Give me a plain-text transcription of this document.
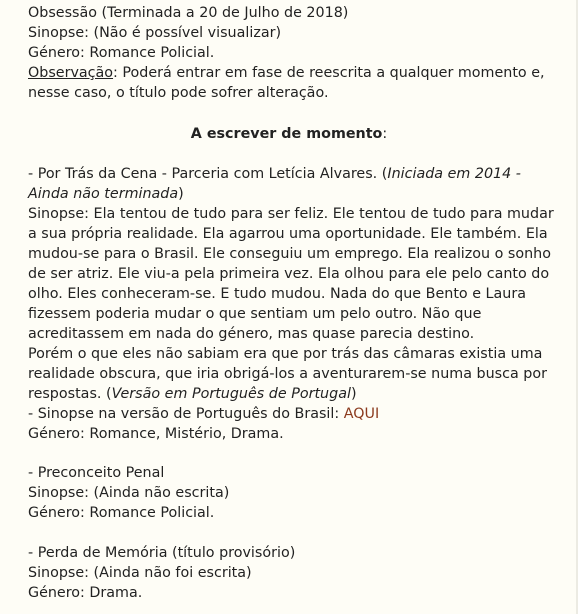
Obsessão (Terminada a 20 de Julho de 2018)
Sinopse: (Não é possível visualizar)
Género: Romance Policial.
Observação: Poderá entrar em fase de reescrita a qualquer momento e,
nesse caso, o título pode sofrer alteração.
A escrever de momento:
- Por Trás da Cena - Parceria com Letícia Alvares. (Iniciada em 2014 -
Ainda não terminada)
Sinopse: Ela tentou de tudo para ser feliz. Ele tentou de tudo para mudar
a sua própria realidade. Ela agarrou uma oportunidade. Ele também. Ela
mudou-se para o Brasil. Ele conseguiu um emprego. Ela realizou o sonho
de ser atriz. Ele viu-a pela primeira vez. Ela olhou para ele pelo canto do
olho. Eles conheceram-se. E tudo mudou. Nada do que Bento e Laura
fizessem poderia mudar o que sentiam um pelo outro. Não que
acreditassem em nada do género, mas quase parecia destino.
Porém o que eles não sabiam era que por trás das câmaras existia uma
realidade obscura, que iria obrigá-los a aventurarem-se numa busca por
respostas. (Versão em Português de Portugal)
- Sinopse na versão de Português do Brasil: AQUI
Género: Romance, Mistério, Drama.
- Preconceito Penal
Sinopse: (Ainda não escrita)
Género: Romance Policial.
- Perda de Memória (título provisório)
Sinopse: (Ainda não foi escrita)
Género: Drama.
